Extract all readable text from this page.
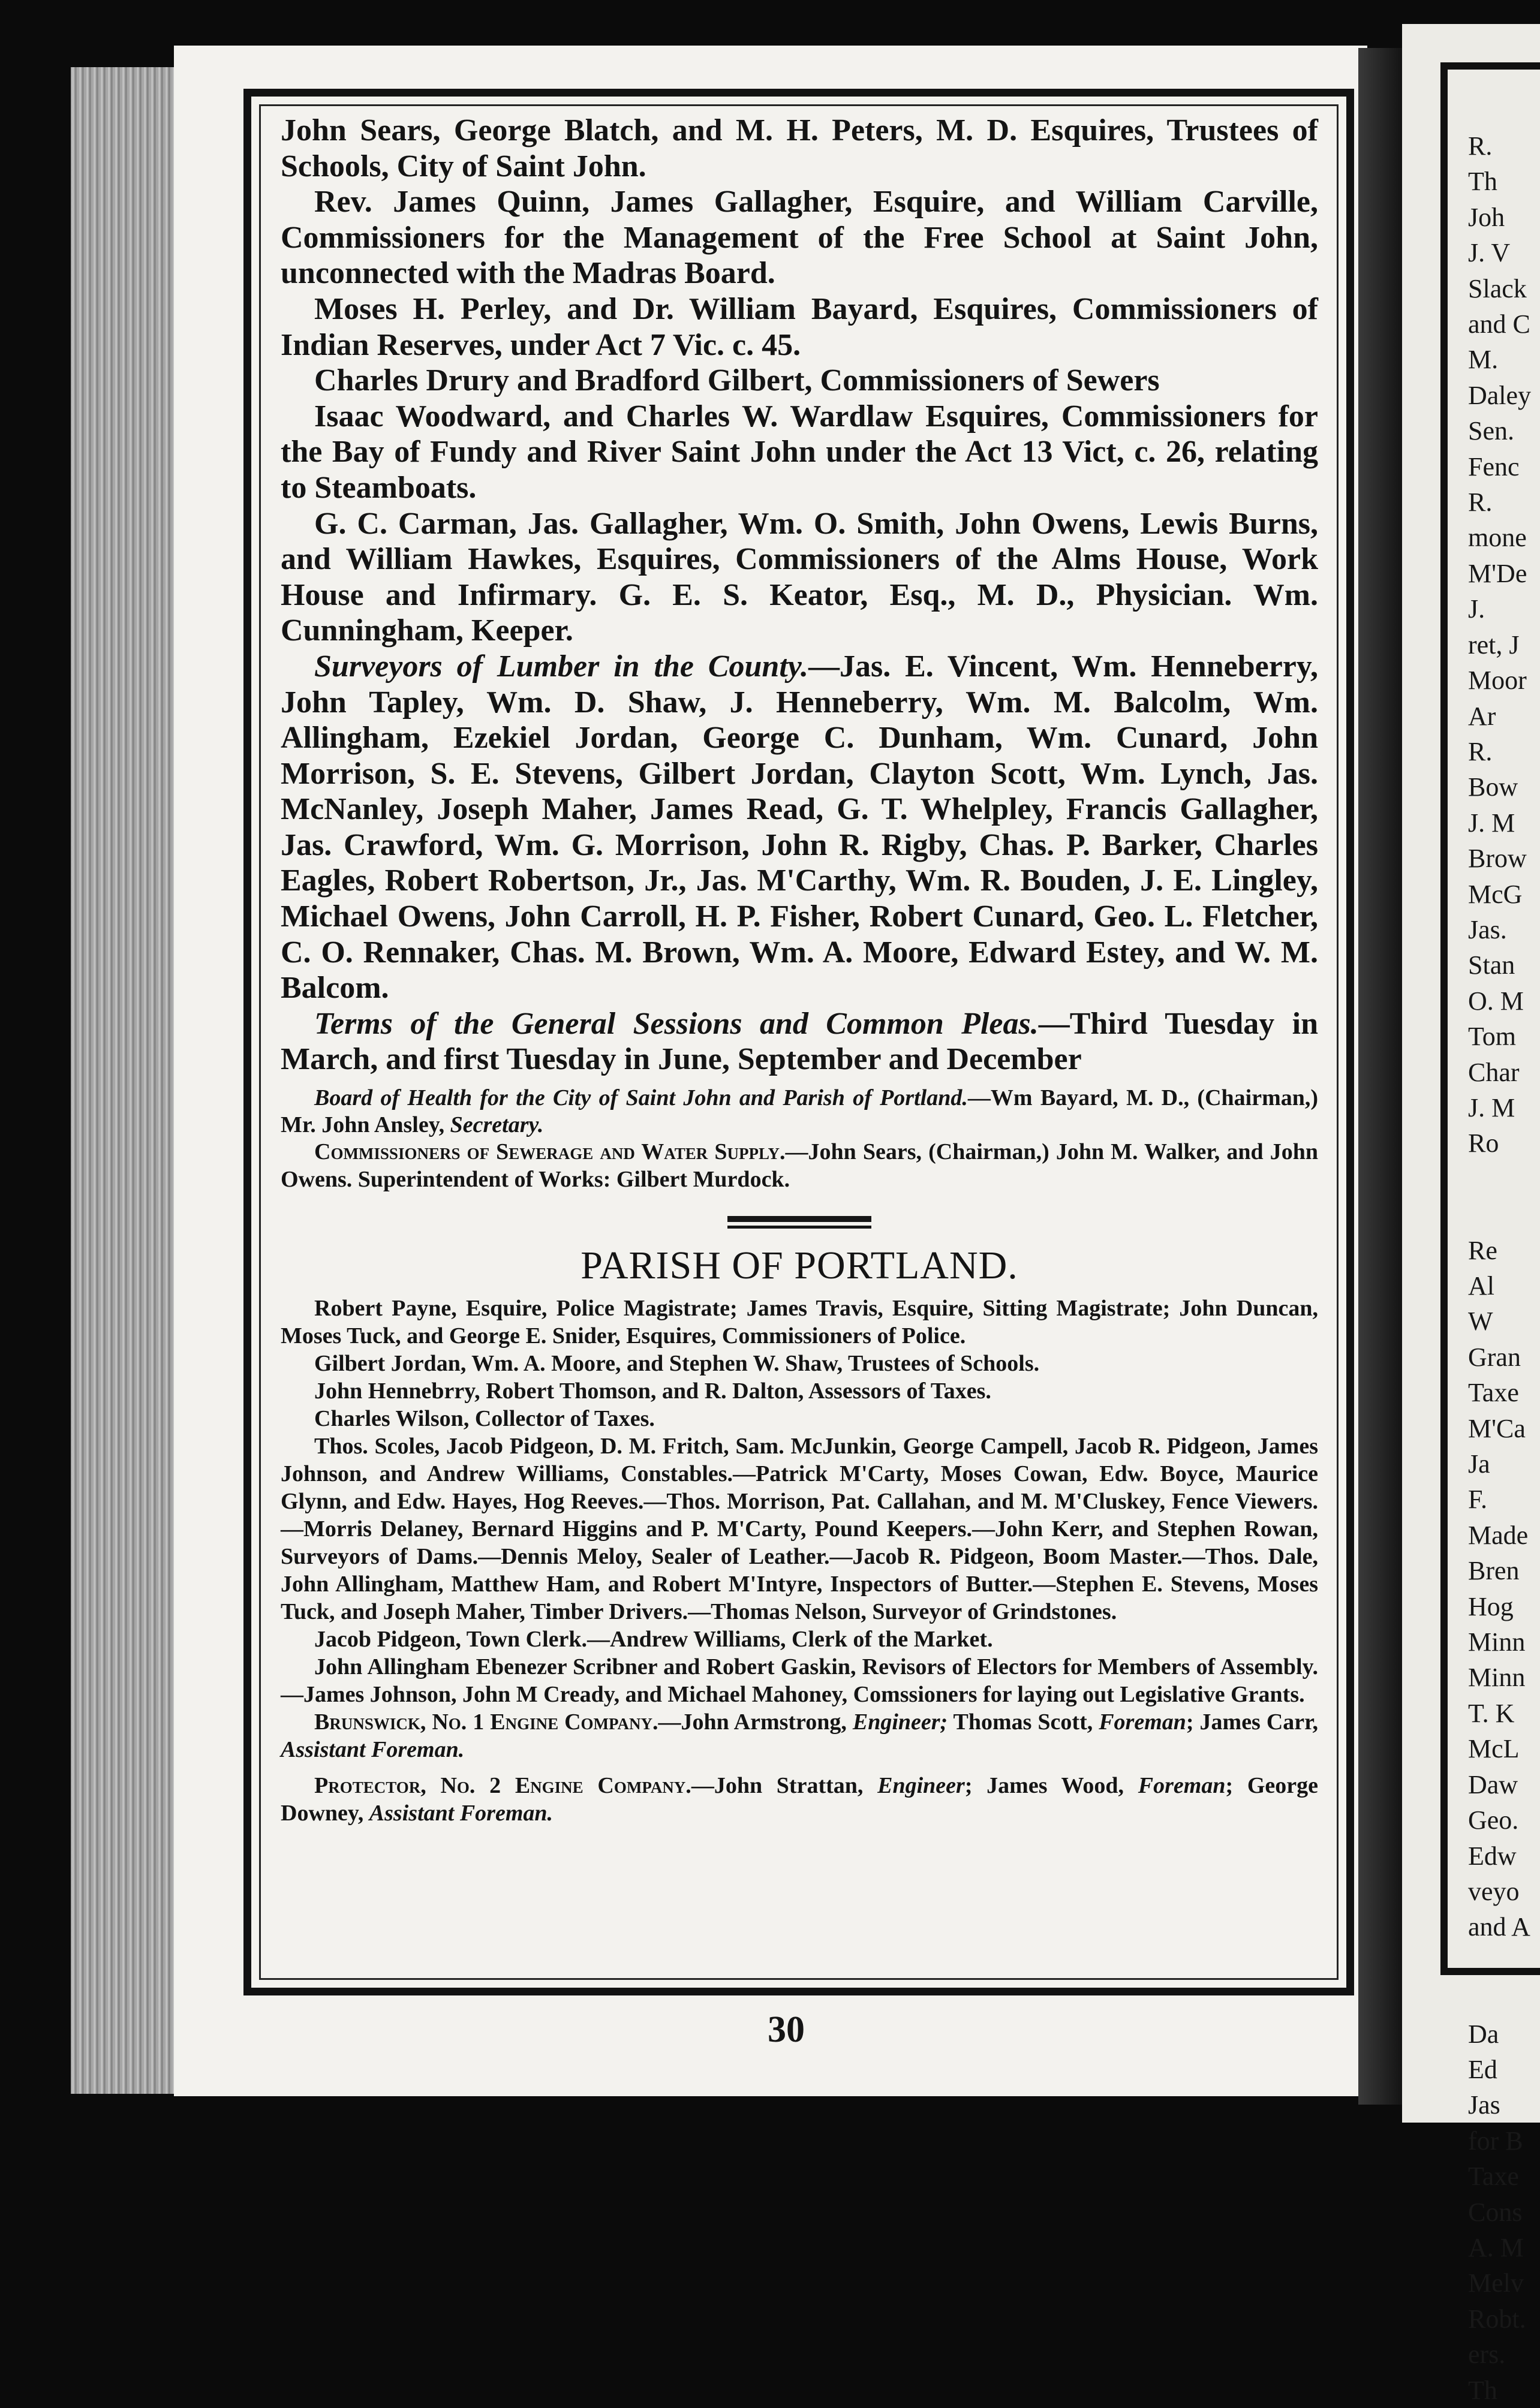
R.
Th
Joh
J. V
Slack
and C
M.
Daley
Sen.
Fenc
R.
mone
M'De
J.
ret, J
Moor
Ar
R.
Bow
J. M
Brow
McG
Jas.
Stan
O. M
Tom
Char
J. M
Ro

Re
Al
W
Gran
Taxe
M'Ca
Ja
F.
Made
Bren
Hog
Minn
Minn
T. K
McL
Daw
Geo.
Edw
veyo
and A

Da
Ed
Jas
for B
Taxe
Cons
A. M
Melv
Robt.
ers.
Th

John Sears, George Blatch, and M. H. Peters, M. D. Esquires, Trustees of Schools, City of Saint John.

Rev. James Quinn, James Gallagher, Esquire, and William Carville, Commissioners for the Management of the Free School at Saint John, unconnected with the Madras Board.

Moses H. Perley, and Dr. William Bayard, Esquires, Commissioners of Indian Reserves, under Act 7 Vic. c. 45.

Charles Drury and Bradford Gilbert, Commissioners of Sewers

Isaac Woodward, and Charles W. Wardlaw Esquires, Commissioners for the Bay of Fundy and River Saint John under the Act 13 Vict, c. 26, relating to Steamboats.

G. C. Carman, Jas. Gallagher, Wm. O. Smith, John Owens, Lewis Burns, and William Hawkes, Esquires, Commissioners of the Alms House, Work House and Infirmary. G. E. S. Keator, Esq., M. D., Physician. Wm. Cunningham, Keeper.

Surveyors of Lumber in the County.—Jas. E. Vincent, Wm. Henneberry, John Tapley, Wm. D. Shaw, J. Henneberry, Wm. M. Balcolm, Wm. Allingham, Ezekiel Jordan, George C. Dunham, Wm. Cunard, John Morrison, S. E. Stevens, Gilbert Jordan, Clayton Scott, Wm. Lynch, Jas. McNanley, Joseph Maher, James Read, G. T. Whelpley, Francis Gallagher, Jas. Crawford, Wm. G. Morrison, John R. Rigby, Chas. P. Barker, Charles Eagles, Robert Robertson, Jr., Jas. M'Carthy, Wm. R. Bouden, J. E. Lingley, Michael Owens, John Carroll, H. P. Fisher, Robert Cunard, Geo. L. Fletcher, C. O. Rennaker, Chas. M. Brown, Wm. A. Moore, Edward Estey, and W. M. Balcom.

Terms of the General Sessions and Common Pleas.—Third Tuesday in March, and first Tuesday in June, September and December

Board of Health for the City of Saint John and Parish of Portland.—Wm Bayard, M. D., (Chairman,) Mr. John Ansley, Secretary.

Commissioners of Sewerage and Water Supply.—John Sears, (Chairman,) John M. Walker, and John Owens. Superintendent of Works: Gilbert Murdock.

PARISH OF PORTLAND.

Robert Payne, Esquire, Police Magistrate; James Travis, Esquire, Sitting Magistrate; John Duncan, Moses Tuck, and George E. Snider, Esquires, Commissioners of Police.

Gilbert Jordan, Wm. A. Moore, and Stephen W. Shaw, Trustees of Schools.

John Hennebrry, Robert Thomson, and R. Dalton, Assessors of Taxes.

Charles Wilson, Collector of Taxes.

Thos. Scoles, Jacob Pidgeon, D. M. Fritch, Sam. McJunkin, George Campell, Jacob R. Pidgeon, James Johnson, and Andrew Williams, Constables.—Patrick M'Carty, Moses Cowan, Edw. Boyce, Maurice Glynn, and Edw. Hayes, Hog Reeves.—Thos. Morrison, Pat. Callahan, and M. M'Cluskey, Fence Viewers.—Morris Delaney, Bernard Higgins and P. M'Carty, Pound Keepers.—John Kerr, and Stephen Rowan, Surveyors of Dams.—Dennis Meloy, Sealer of Leather.—Jacob R. Pidgeon, Boom Master.—Thos. Dale, John Allingham, Matthew Ham, and Robert M'Intyre, Inspectors of Butter.—Stephen E. Stevens, Moses Tuck, and Joseph Maher, Timber Drivers.—Thomas Nelson, Surveyor of Grindstones.

Jacob Pidgeon, Town Clerk.—Andrew Williams, Clerk of the Market.

John Allingham Ebenezer Scribner and Robert Gaskin, Revisors of Electors for Members of Assembly.—James Johnson, John M Cready, and Michael Mahoney, Comssioners for laying out Legislative Grants.

Brunswick, No. 1 Engine Company.—John Armstrong, Engineer; Thomas Scott, Foreman; James Carr, Assistant Foreman.

Protector, No. 2 Engine Company.—John Strattan, Engineer; James Wood, Foreman; George Downey, Assistant Foreman.

30
